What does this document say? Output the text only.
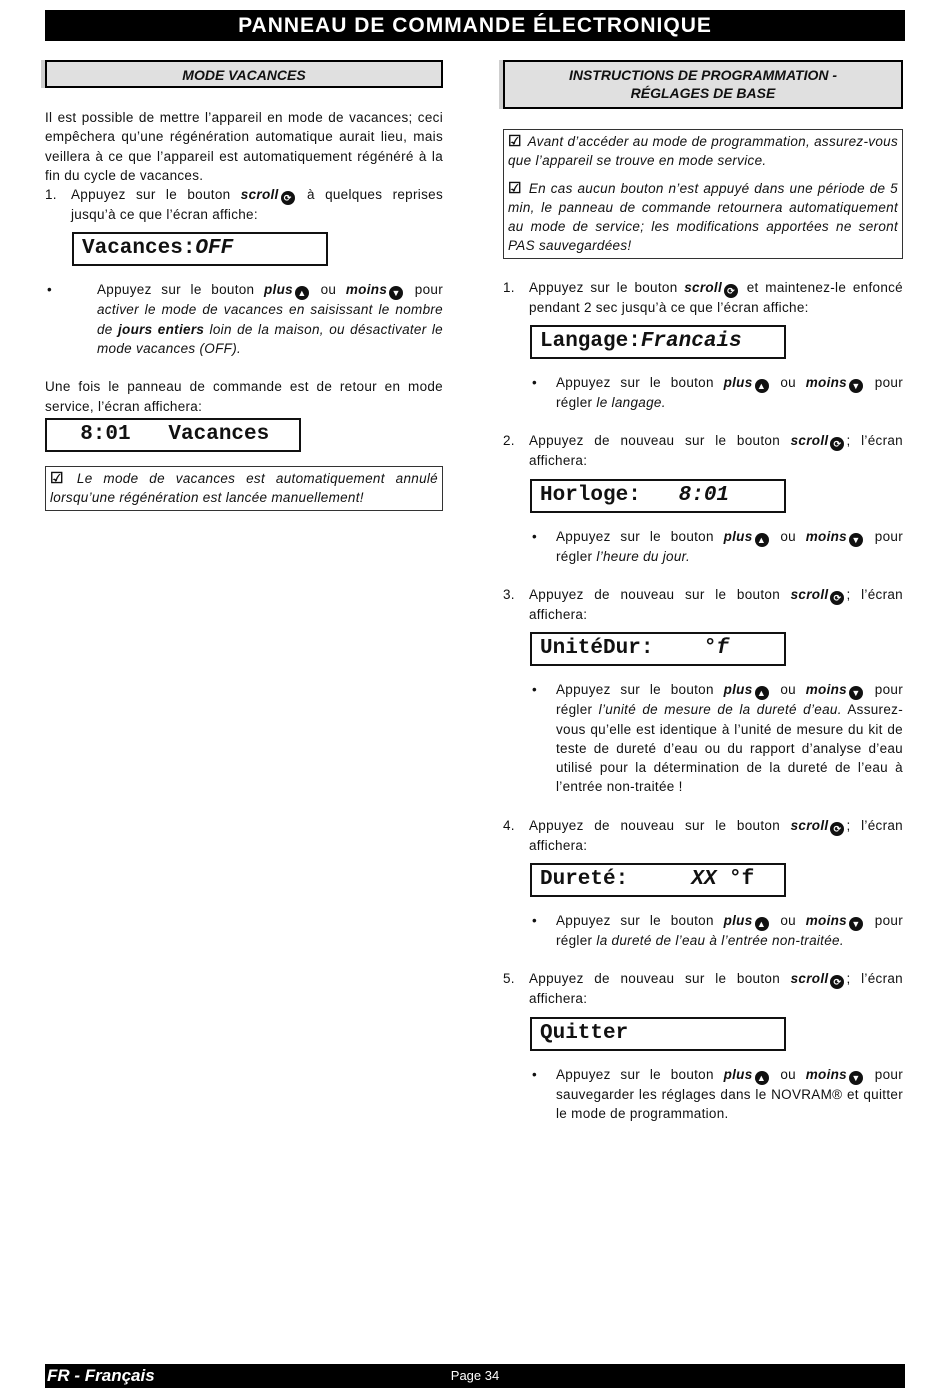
PANNEAU DE COMMANDE ÉLECTRONIQUE
MODE VACANCES

Il est possible de mettre l’appareil en mode de vacances; ceci empêchera qu’une régénération automatique aurait lieu, mais veillera à ce que l’appareil est automatiquement régénéré à la fin du cycle de vacances.

1.	Appuyez sur le bouton scroll ⟳ à quelques reprises jusqu’à ce que l’écran affiche:
Vacances:OFF
•	Appuyez sur le bouton plus ▲ ou moins ▼ pour activer le mode de vacances en saisissant le nombre de jours entiers loin de la maison, ou désactivater le mode vacances (OFF).

Une fois le panneau de commande est de retour en mode service, l’écran affichera:

8:01   Vacances
☑ Le mode de vacances est automatiquement annulé lorsqu’une régénération est lancée manuellement!
INSTRUCTIONS DE PROGRAMMATION -
RÉGLAGES DE BASE
☑ Avant d’accéder au mode de programmation, assurez-vous que l’appareil se trouve en mode service.
☑ En cas aucun bouton n’est appuyé dans une période de 5 min, le panneau de commande retournera automatiquement au mode de service; les modifications apportées ne seront PAS sauvegardées!
1.	Appuyez sur le bouton scroll ⟳ et maintenez-le enfoncé pendant 2 sec jusqu’à ce que l’écran affiche:
Langage:Francais
•	Appuyez sur le bouton plus ▲ ou moins ▼ pour régler le langage.
2.	Appuyez de nouveau sur le bouton scroll ⟳ ; l’écran affichera:
Horloge:   8:01
•	Appuyez sur le bouton plus ▲ ou moins ▼ pour régler l’heure du jour.
3.	Appuyez de nouveau sur le bouton scroll ⟳ ; l’écran affichera:
UnitéDur:    °f
•	Appuyez sur le bouton plus ▲ ou moins ▼ pour régler l’unité de mesure de la dureté d’eau. Assurez-vous qu’elle est identique à l’unité de mesure du kit de teste de dureté d’eau ou du rapport d’analyse d’eau utilisé pour la détermination de la dureté de l’eau à l’entrée non-traitée !
4.	Appuyez de nouveau sur le bouton scroll ⟳ ; l’écran affichera:
Dureté:     XX °f
•	Appuyez sur le bouton plus ▲ ou moins ▼ pour régler la dureté de l’eau à l’entrée non-traitée.
5.	Appuyez de nouveau sur le bouton scroll ⟳ ; l’écran affichera:
Quitter
•	Appuyez sur le bouton plus ▲ ou moins ▼ pour sauvegarder les réglages dans le NOVRAM® et quitter le mode de programmation.
FR - Français	Page 34
